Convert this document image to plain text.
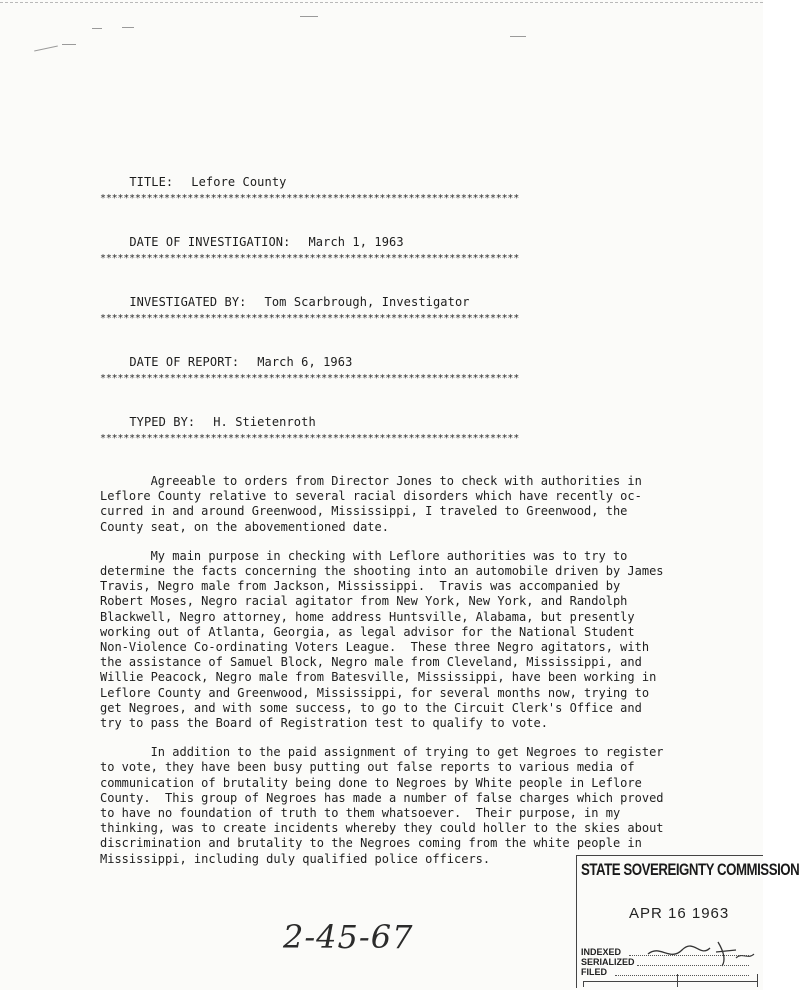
TITLE: Lefore County

************************************************************************

DATE OF INVESTIGATION: March 1, 1963

************************************************************************

INVESTIGATED BY: Tom Scarbrough, Investigator

************************************************************************

DATE OF REPORT: March 6, 1963

************************************************************************

TYPED BY: H. Stietenroth

************************************************************************

Agreeable to orders from Director Jones to check with authorities in
Leflore County relative to several racial disorders which have recently oc-
curred in and around Greenwood, Mississippi, I traveled to Greenwood, the
County seat, on the abovementioned date.

My main purpose in checking with Leflore authorities was to try to
determine the facts concerning the shooting into an automobile driven by James
Travis, Negro male from Jackson, Mississippi.  Travis was accompanied by
Robert Moses, Negro racial agitator from New York, New York, and Randolph
Blackwell, Negro attorney, home address Huntsville, Alabama, but presently
working out of Atlanta, Georgia, as legal advisor for the National Student
Non-Violence Co-ordinating Voters League.  These three Negro agitators, with
the assistance of Samuel Block, Negro male from Cleveland, Mississippi, and
Willie Peacock, Negro male from Batesville, Mississippi, have been working in
Leflore County and Greenwood, Mississippi, for several months now, trying to
get Negroes, and with some success, to go to the Circuit Clerk's Office and
try to pass the Board of Registration test to qualify to vote.

In addition to the paid assignment of trying to get Negroes to register
to vote, they have been busy putting out false reports to various media of
communication of brutality being done to Negroes by White people in Leflore
County.  This group of Negroes has made a number of false charges which proved
to have no foundation of truth to them whatsoever.  Their purpose, in my
thinking, was to create incidents whereby they could holler to the skies about
discrimination and brutality to the Negroes coming from the white people in
Mississippi, including duly qualified police officers.

2-45-67
STATE SOVEREIGNTY COMMISSION
APR 16 1963
INDEXED
SERIALIZED
FILED
